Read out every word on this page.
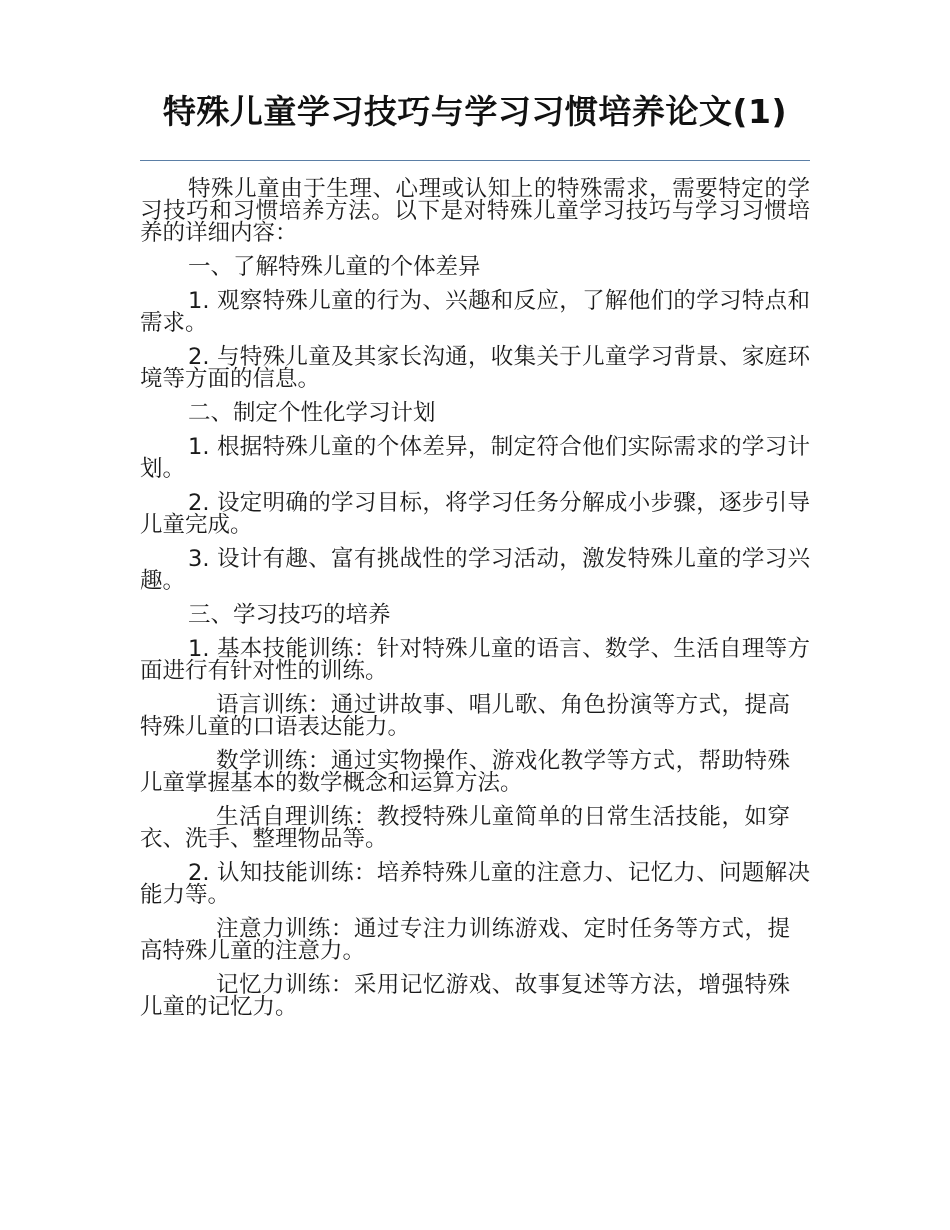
特殊儿童学习技巧与学习习惯培养论文(1)

特殊儿童由于生理、心理或认知上的特殊需求，需要特定的学习技巧和习惯培养方法。以下是对特殊儿童学习技巧与学习习惯培养的详细内容：

一、了解特殊儿童的个体差异

1. 观察特殊儿童的行为、兴趣和反应，了解他们的学习特点和需求。

2. 与特殊儿童及其家长沟通，收集关于儿童学习背景、家庭环境等方面的信息。

二、制定个性化学习计划

1. 根据特殊儿童的个体差异，制定符合他们实际需求的学习计划。

2. 设定明确的学习目标，将学习任务分解成小步骤，逐步引导儿童完成。

3. 设计有趣、富有挑战性的学习活动，激发特殊儿童的学习兴趣。

三、学习技巧的培养

1. 基本技能训练：针对特殊儿童的语言、数学、生活自理等方面进行有针对性的训练。

语言训练：通过讲故事、唱儿歌、角色扮演等方式，提高特殊儿童的口语表达能力。

数学训练：通过实物操作、游戏化教学等方式，帮助特殊儿童掌握基本的数学概念和运算方法。

生活自理训练：教授特殊儿童简单的日常生活技能，如穿衣、洗手、整理物品等。

2. 认知技能训练：培养特殊儿童的注意力、记忆力、问题解决能力等。

注意力训练：通过专注力训练游戏、定时任务等方式，提高特殊儿童的注意力。

记忆力训练：采用记忆游戏、故事复述等方法，增强特殊儿童的记忆力。
